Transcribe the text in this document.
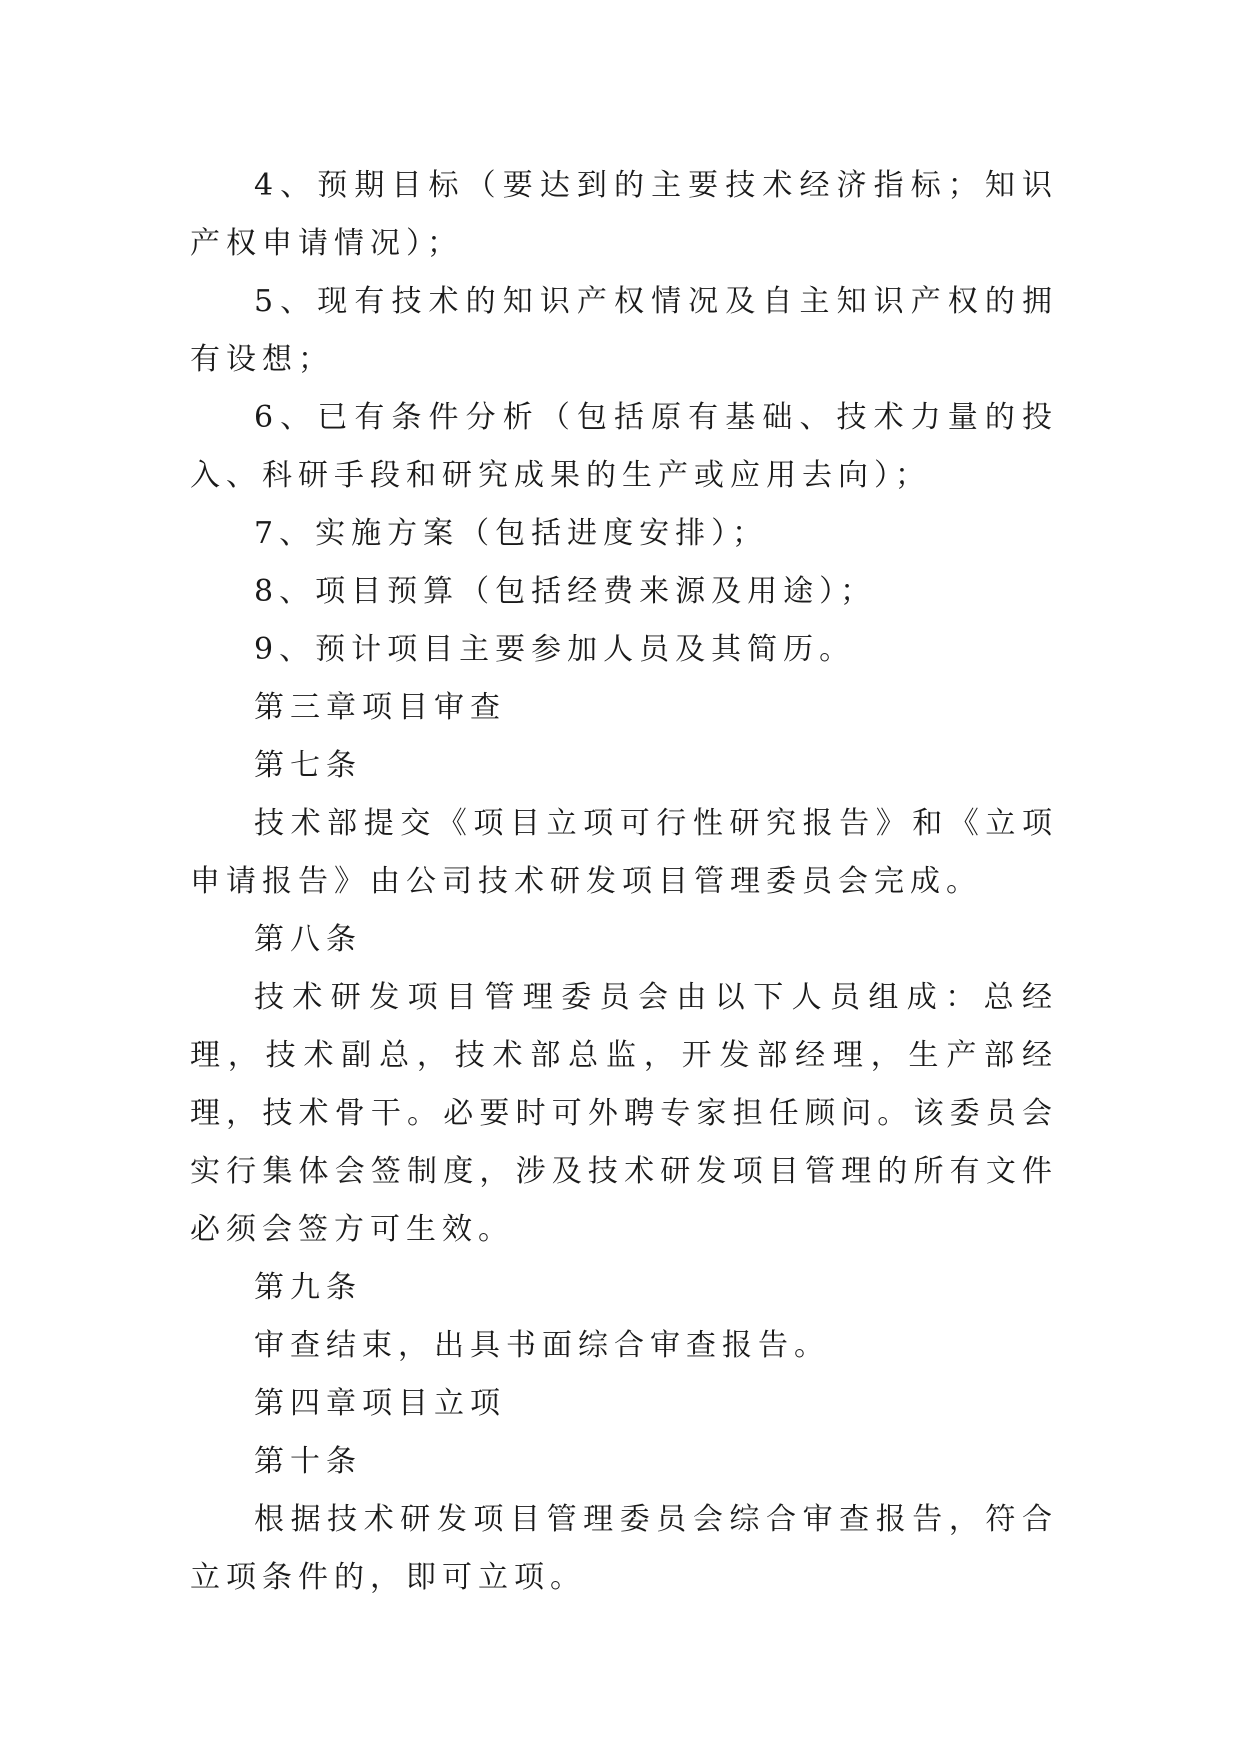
4、预期目标（要达到的主要技术经济指标；知识产权申请情况）；

5、现有技术的知识产权情况及自主知识产权的拥有设想；

6、已有条件分析（包括原有基础、技术力量的投入、科研手段和研究成果的生产或应用去向）；

7、实施方案（包括进度安排）；

8、项目预算（包括经费来源及用途）；

9、预计项目主要参加人员及其简历。

第三章项目审查

第七条

技术部提交《项目立项可行性研究报告》和《立项申请报告》由公司技术研发项目管理委员会完成。

第八条

技术研发项目管理委员会由以下人员组成：总经理，技术副总，技术部总监，开发部经理，生产部经理，技术骨干。必要时可外聘专家担任顾问。该委员会实行集体会签制度，涉及技术研发项目管理的所有文件必须会签方可生效。

第九条

审查结束，出具书面综合审查报告。

第四章项目立项

第十条

根据技术研发项目管理委员会综合审查报告，符合立项条件的，即可立项。
